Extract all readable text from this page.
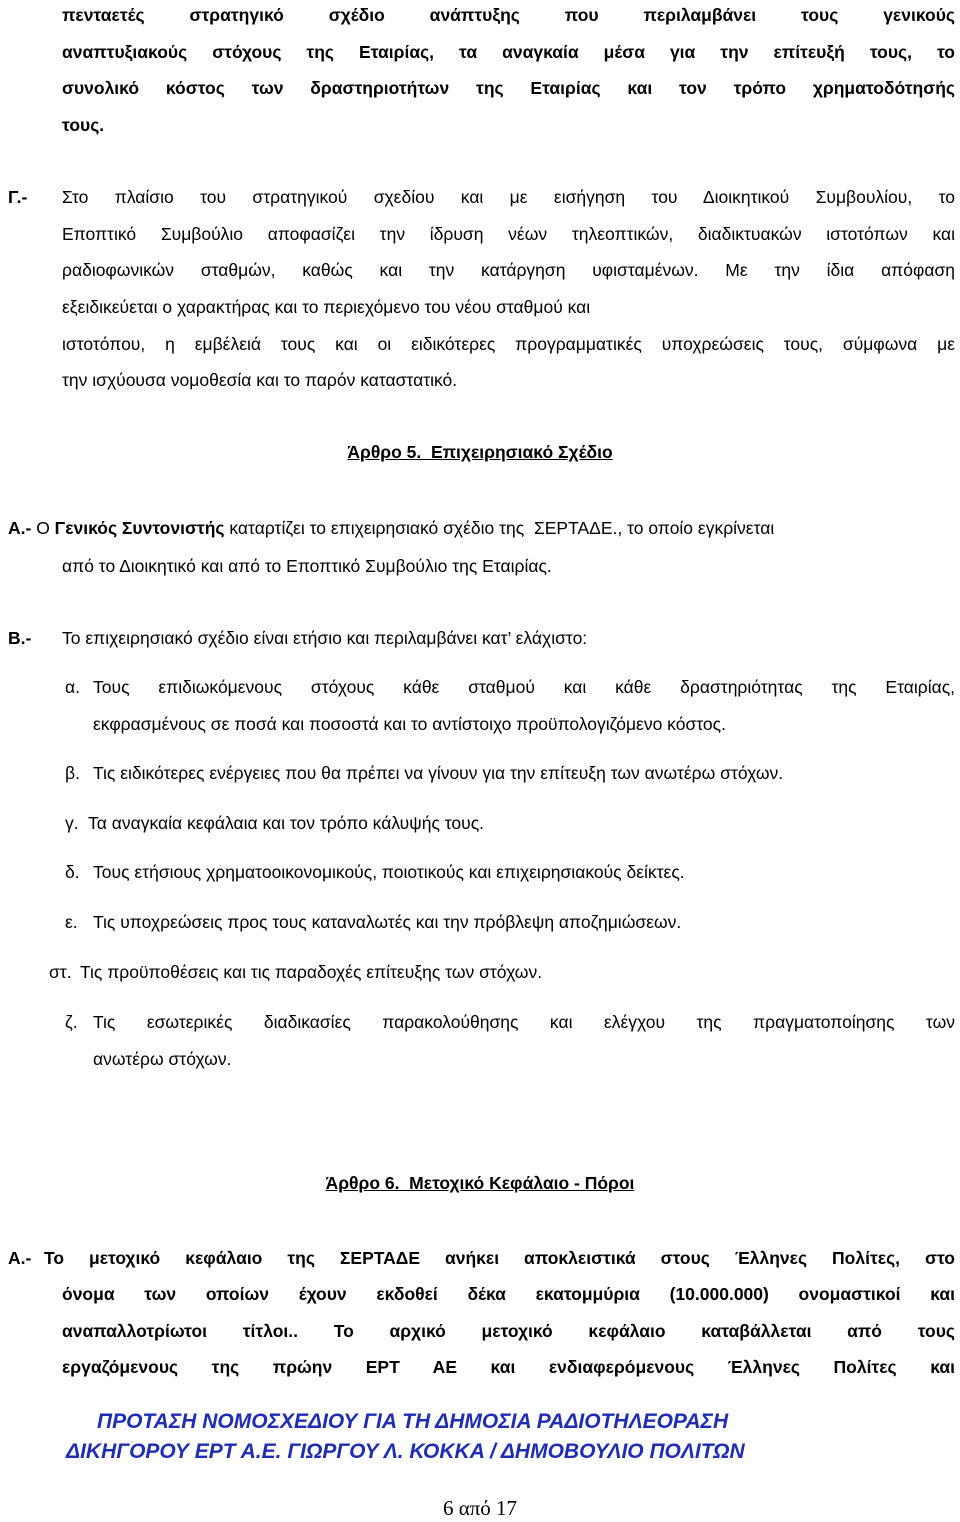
πενταετές στρατηγικό σχέδιο ανάπτυξης που περιλαμβάνει τους γενικούς
αναπτυξιακούς στόχους της Εταιρίας, τα αναγκαία μέσα για την επίτευξή τους, το
συνολικό κόστος των δραστηριοτήτων της Εταιρίας και τον τρόπο χρηματοδότησής
τους.
Γ.- Στο πλαίσιο του στρατηγικού σχεδίου και με εισήγηση του Διοικητικού Συμβουλίου, το
Εποπτικό Συμβούλιο αποφασίζει την ίδρυση νέων τηλεοπτικών, διαδικτυακών ιστοτόπων και
ραδιοφωνικών σταθμών, καθώς και την κατάργηση υφισταμένων. Με την ίδια απόφαση
εξειδικεύεται ο χαρακτήρας και το περιεχόμενο του νέου σταθμού και
ιστοτόπου, η εμβέλειά τους και οι ειδικότερες προγραμματικές υποχρεώσεις τους, σύμφωνα με
την ισχύουσα νομοθεσία και το παρόν καταστατικό.
Άρθρο 5.  Επιχειρησιακό Σχέδιο
Α.- Ο Γενικός Συντονιστής καταρτίζει το επιχειρησιακό σχέδιο της  ΣΕΡΤΑΔΕ., το οποίο εγκρίνεται
από το Διοικητικό και από το Εποπτικό Συμβούλιο της Εταιρίας.
Β.- Το επιχειρησιακό σχέδιο είναι ετήσιο και περιλαμβάνει κατ’ ελάχιστο:
α. Τους επιδιωκόμενους στόχους κάθε σταθμού και κάθε δραστηριότητας της Εταιρίας,
εκφρασμένους σε ποσά και ποσοστά και το αντίστοιχο προϋπολογιζόμενο κόστος.
β. Τις ειδικότερες ενέργειες που θα πρέπει να γίνουν για την επίτευξη των ανωτέρω στόχων.
γ. Τα αναγκαία κεφάλαια και τον τρόπο κάλυψής τους.
δ. Τους ετήσιους χρηματοοικονομικούς, ποιοτικούς και επιχειρησιακούς δείκτες.
ε. Τις υποχρεώσεις προς τους καταναλωτές και την πρόβλεψη αποζημιώσεων.
στ. Τις προϋποθέσεις και τις παραδοχές επίτευξης των στόχων.
ζ. Τις εσωτερικές διαδικασίες παρακολούθησης και ελέγχου της πραγματοποίησης των
ανωτέρω στόχων.
Άρθρο 6.  Μετοχικό Κεφάλαιο - Πόροι
Α.- Το μετοχικό κεφάλαιο της ΣΕΡΤΑΔΕ ανήκει αποκλειστικά στους Έλληνες Πολίτες, στο
όνομα των οποίων έχουν εκδοθεί δέκα εκατομμύρια (10.000.000) ονομαστικοί και
αναπαλλοτρίωτοι τίτλοι.. Το αρχικό μετοχικό κεφάλαιο καταβάλλεται από τους
εργαζόμενους της πρώην ΕΡΤ ΑΕ και ενδιαφερόμενους Έλληνες Πολίτες και
ΠΡΟΤΑΣΗ ΝΟΜΟΣΧΕΔΙΟΥ ΓΙΑ ΤΗ ΔΗΜΟΣΙΑ ΡΑΔΙΟΤΗΛΕΟΡΑΣΗ
ΔΙΚΗΓΟΡΟΥ ΕΡΤ Α.Ε. ΓΙΩΡΓΟΥ Λ. ΚΟΚΚΑ / ΔΗΜΟΒΟΥΛΙΟ ΠΟΛΙΤΩΝ
6 από 17
